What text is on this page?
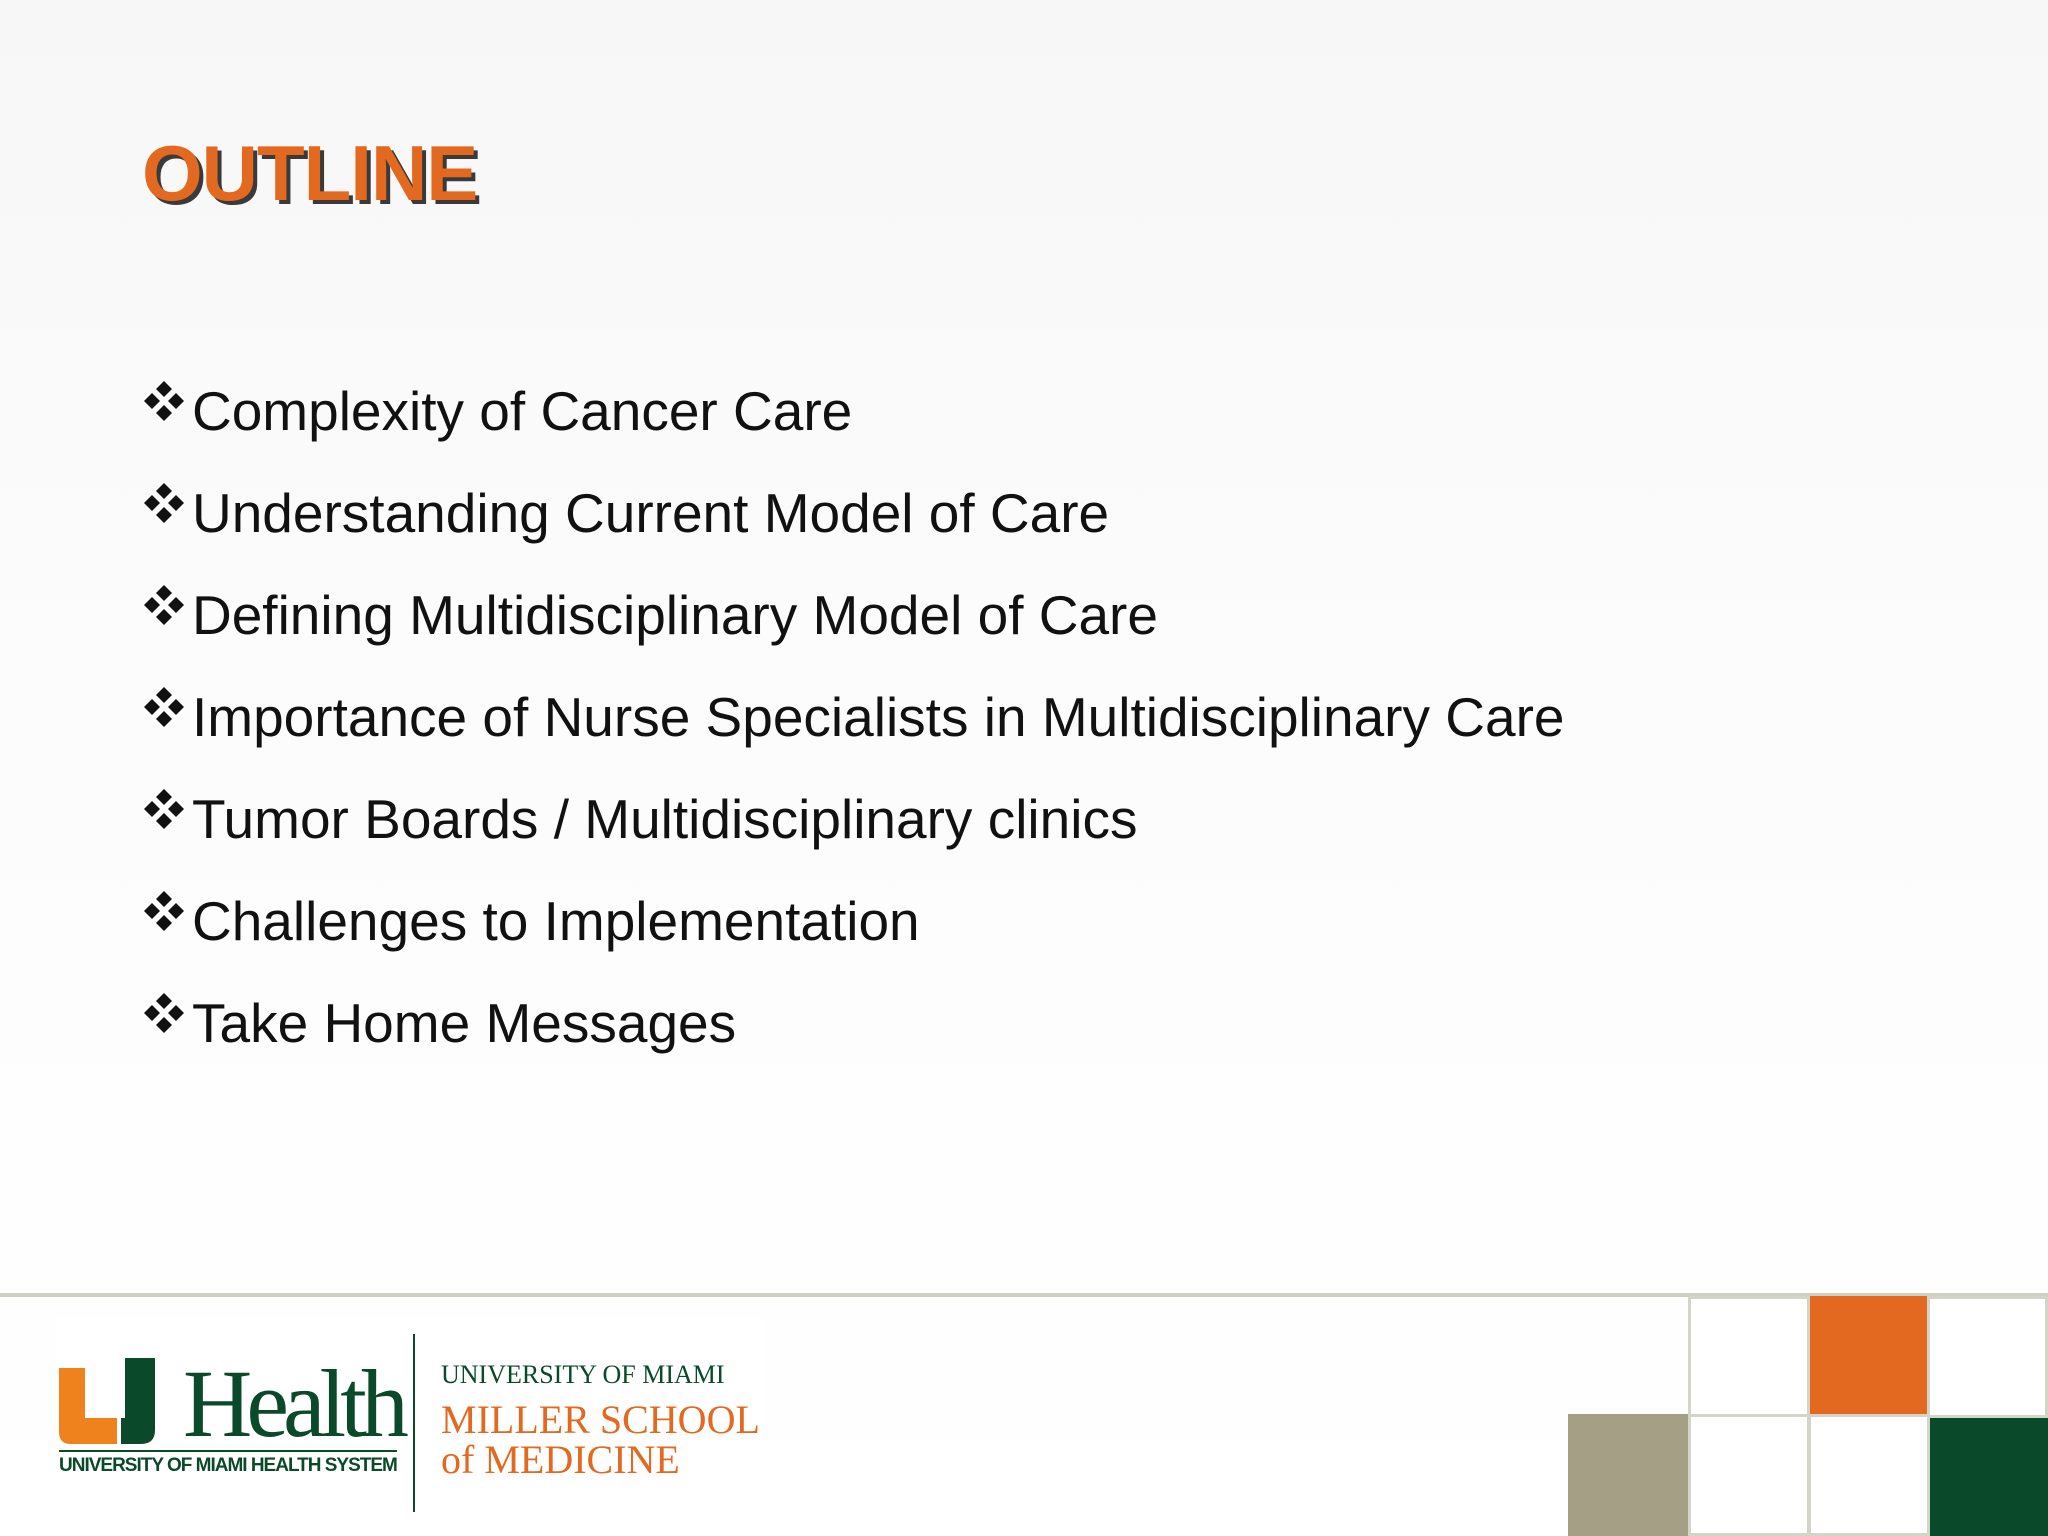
OUTLINE
Complexity of Cancer Care
Understanding Current Model of Care
Defining Multidisciplinary Model of Care
Importance of Nurse Specialists in Multidisciplinary Care
Tumor Boards / Multidisciplinary clinics
Challenges to Implementation
Take Home Messages
Health
UNIVERSITY OF MIAMI HEALTH SYSTEM
UNIVERSITY OF MIAMI
MILLER SCHOOL
of MEDICINE
